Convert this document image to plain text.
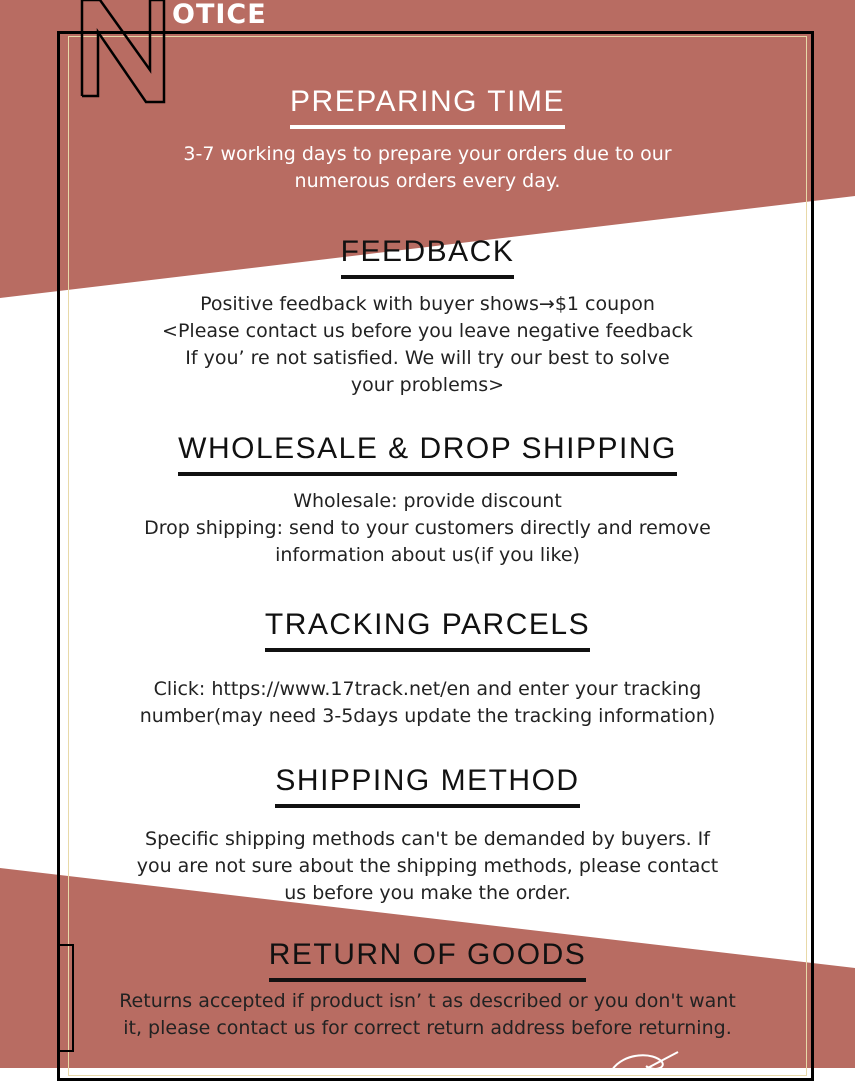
OTICE
PREPARING TIME
3-7 working days to prepare your orders due to our
numerous orders every day.
FEEDBACK
Positive feedback with buyer shows→$1 coupon
<Please contact us before you leave negative feedback
If you’ re not satisfied. We will try our best to solve
your problems>
WHOLESALE & DROP SHIPPING
Wholesale: provide discount
Drop shipping: send to your customers directly and remove
information about us(if you like)
TRACKING PARCELS
Click: https://www.17track.net/en and enter your tracking
number(may need 3-5days update the tracking information)
SHIPPING METHOD
Specific shipping methods can't be demanded by buyers. If
you are not sure about the shipping methods, please contact
us before you make the order.
RETURN OF GOODS
Returns accepted if product isn’ t as described or you don't want
it, please contact us for correct return address before returning.
